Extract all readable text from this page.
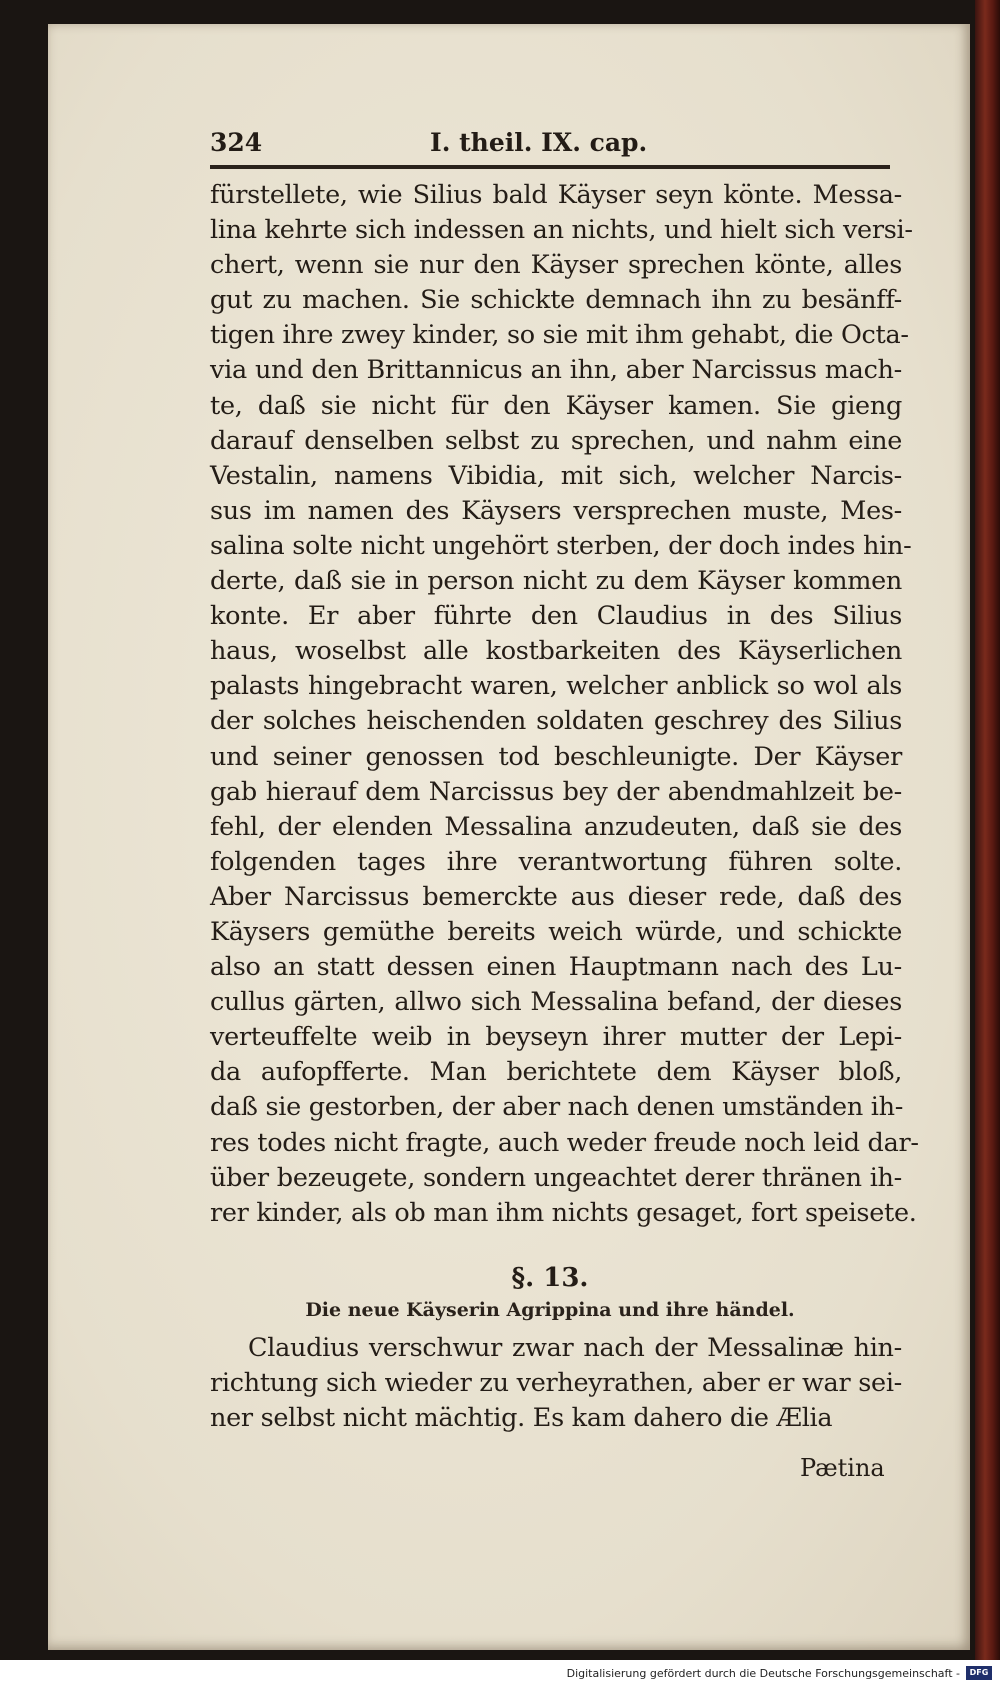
324	I. theil. IX. cap.
fürstellete, wie Silius bald Käyser seyn könte. Messa-
lina kehrte sich indessen an nichts, und hielt sich versi-
chert, wenn sie nur den Käyser sprechen könte, alles
gut zu machen. Sie schickte demnach ihn zu besänff-
tigen ihre zwey kinder, so sie mit ihm gehabt, die Octa-
via und den Brittannicus an ihn, aber Narcissus mach-
te, daß sie nicht für den Käyser kamen. Sie gieng
darauf denselben selbst zu sprechen, und nahm eine
Vestalin, namens Vibidia, mit sich, welcher Narcis-
sus im namen des Käysers versprechen muste, Mes-
salina solte nicht ungehört sterben, der doch indes hin-
derte, daß sie in person nicht zu dem Käyser kommen
konte. Er aber führte den Claudius in des Silius
haus, woselbst alle kostbarkeiten des Käyserlichen
palasts hingebracht waren, welcher anblick so wol als
der solches heischenden soldaten geschrey des Silius
und seiner genossen tod beschleunigte. Der Käyser
gab hierauf dem Narcissus bey der abendmahlzeit be-
fehl, der elenden Messalina anzudeuten, daß sie des
folgenden tages ihre verantwortung führen solte.
Aber Narcissus bemerckte aus dieser rede, daß des
Käysers gemüthe bereits weich würde, und schickte
also an statt dessen einen Hauptmann nach des Lu-
cullus gärten, allwo sich Messalina befand, der dieses
verteuffelte weib in beyseyn ihrer mutter der Lepi-
da aufopfferte. Man berichtete dem Käyser bloß,
daß sie gestorben, der aber nach denen umständen ih-
res todes nicht fragte, auch weder freude noch leid dar-
über bezeugete, sondern ungeachtet derer thränen ih-
rer kinder, als ob man ihm nichts gesaget, fort speisete.
§. 13.
Die neue Käyserin Agrippina und ihre händel.
Claudius verschwur zwar nach der Messalinæ hin-
richtung sich wieder zu verheyrathen, aber er war sei-
ner selbst nicht mächtig. Es kam dahero die Ælia
Pætina
Digitalisierung gefördert durch die Deutsche Forschungsgemeinschaft -	DFG
